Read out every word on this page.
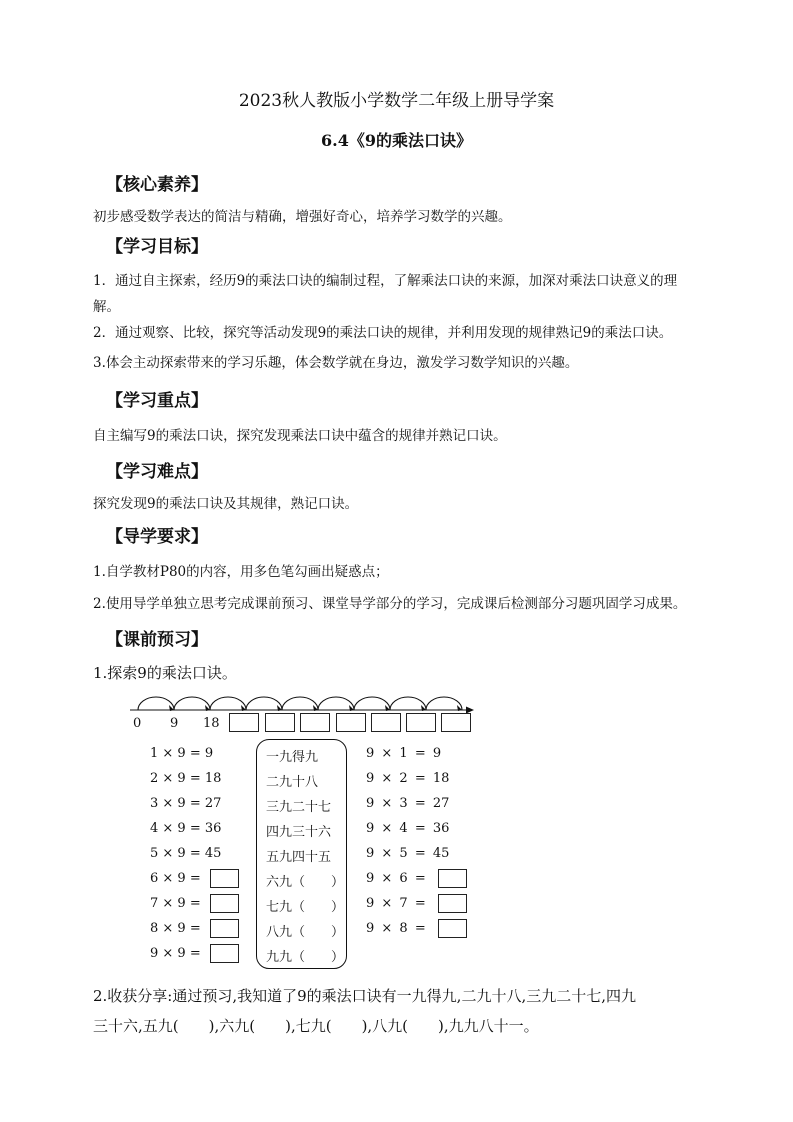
2023秋人教版小学数学二年级上册导学案
6.4《9的乘法口诀》
【核心素养】
初步感受数学表达的简洁与精确，增强好奇心，培养学习数学的兴趣。
【学习目标】
1．通过自主探索，经历9的乘法口诀的编制过程，了解乘法口诀的来源，加深对乘法口诀意义的理
解。
2．通过观察、比较，探究等活动发现9的乘法口诀的规律，并利用发现的规律熟记9的乘法口诀。
3.体会主动探索带来的学习乐趣，体会数学就在身边，激发学习数学知识的兴趣。
【学习重点】
自主编写9的乘法口诀，探究发现乘法口诀中蕴含的规律并熟记口诀。
【学习难点】
探究发现9的乘法口诀及其规律，熟记口诀。
【导学要求】
1.自学教材P80的内容，用多色笔勾画出疑惑点；
2.使用导学单独立思考完成课前预习、课堂导学部分的学习，完成课后检测部分习题巩固学习成果。
【课前预习】
1.探索9的乘法口诀。
0 9 18
1 × 9 = 9
2 × 9 = 18
3 × 9 = 27
4 × 9 = 36
5 × 9 = 45
6 × 9 =
7 × 9 =
8 × 9 =
9 × 9 =
一九得九
二九十八
三九二十七
四九三十六
五九四十五
六九（　　）
七九（　　）
八九（　　）
九九（　　）
9 × 1 = 9
9 × 2 = 18
9 × 3 = 27
9 × 4 = 36
9 × 5 = 45
9 × 6 =
9 × 7 =
9 × 8 =
2.收获分享:通过预习,我知道了9的乘法口诀有一九得九,二九十八,三九二十七,四九
三十六,五九(　　),六九(　　),七九(　　),八九(　　),九九八十一。
